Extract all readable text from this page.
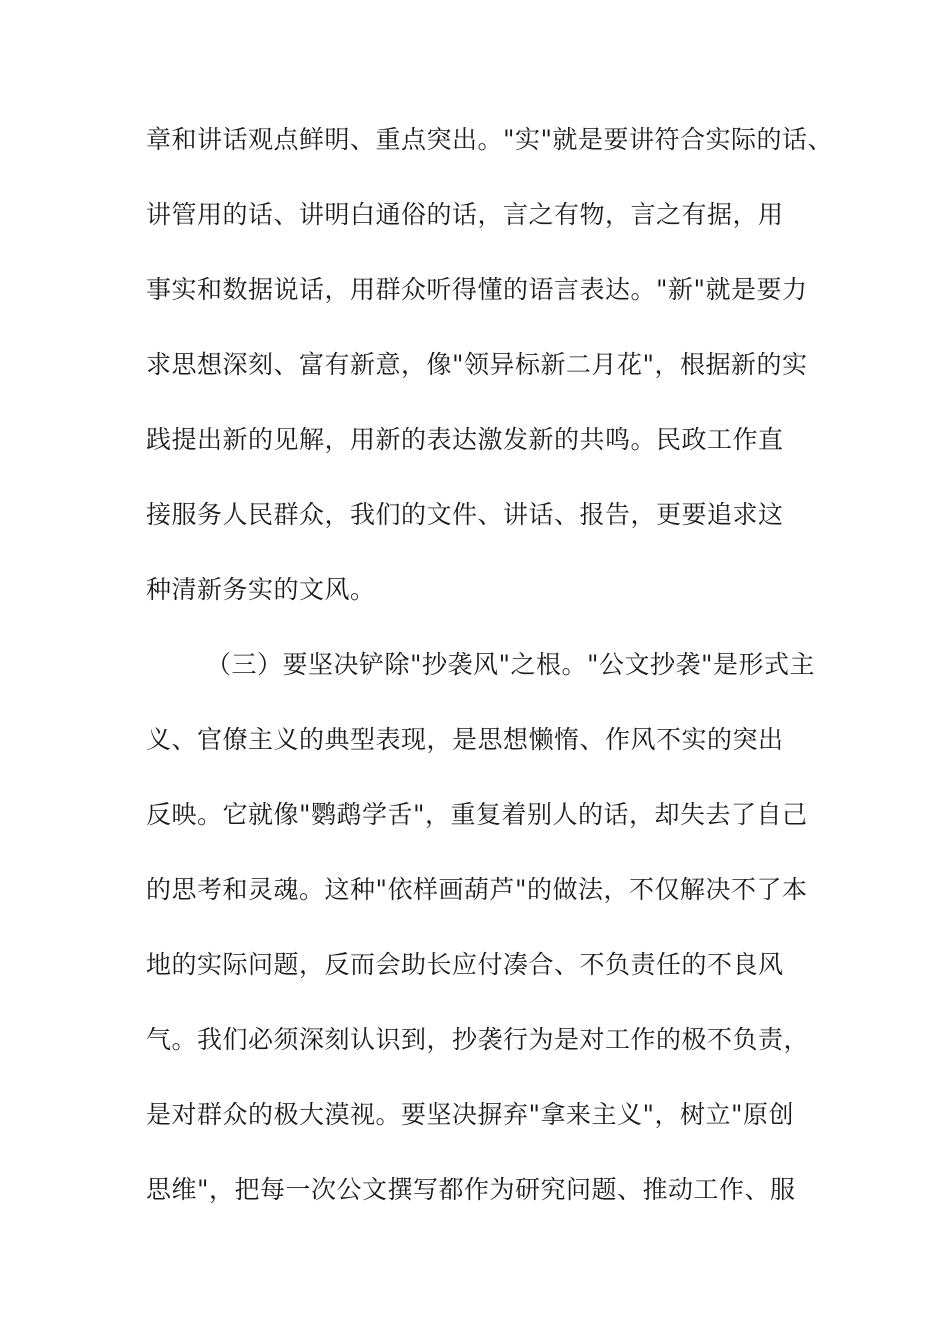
章和讲话观点鲜明、重点突出。"实"就是要讲符合实际的话、
讲管用的话、讲明白通俗的话，言之有物，言之有据，用
事实和数据说话，用群众听得懂的语言表达。"新"就是要力
求思想深刻、富有新意，像"领异标新二月花"，根据新的实
践提出新的见解，用新的表达激发新的共鸣。民政工作直
接服务人民群众，我们的文件、讲话、报告，更要追求这
种清新务实的文风。
（三）要坚决铲除"抄袭风"之根。"公文抄袭"是形式主
义、官僚主义的典型表现，是思想懒惰、作风不实的突出
反映。它就像"鹦鹉学舌"，重复着别人的话，却失去了自己
的思考和灵魂。这种"依样画葫芦"的做法，不仅解决不了本
地的实际问题，反而会助长应付凑合、不负责任的不良风
气。我们必须深刻认识到，抄袭行为是对工作的极不负责，
是对群众的极大漠视。要坚决摒弃"拿来主义"，树立"原创
思维"，把每一次公文撰写都作为研究问题、推动工作、服
